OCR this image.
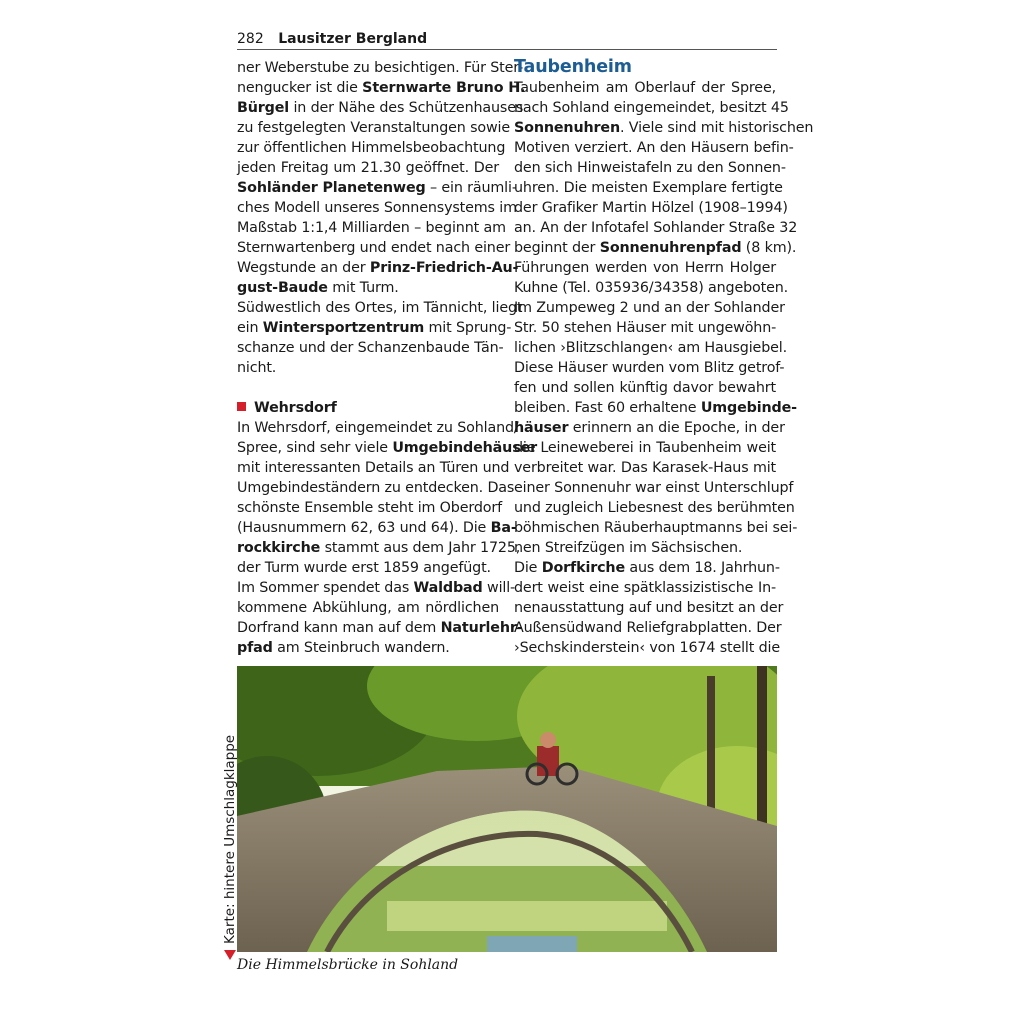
282 Lausitzer Bergland
ner Weberstube zu besichtigen. Für Ster-
nengucker ist die Sternwarte Bruno H.
Bürgel in der Nähe des Schützenhauses
zu festgelegten Veranstaltungen sowie
zur öffentlichen Himmelsbeobachtung
jeden Freitag um 21.30 geöffnet. Der
Sohländer Planetenweg – ein räumli-
ches Modell unseres Sonnensystems im
Maßstab 1:1,4 Milliarden – beginnt am
Sternwartenberg und endet nach einer
Wegstunde an der Prinz-Friedrich-Au-
gust-Baude mit Turm.
Südwestlich des Ortes, im Tännicht, liegt
ein Wintersportzentrum mit Sprung-
schanze und der Schanzenbaude Tän-
nicht.
Wehrsdorf
In Wehrsdorf, eingemeindet zu Sohland/
Spree, sind sehr viele Umgebindehäuser
mit interessanten Details an Türen und
Umgebindeständern zu entdecken. Das
schönste Ensemble steht im Oberdorf
(Hausnummern 62, 63 und 64). Die Ba-
rockkirche stammt aus dem Jahr 1725,
der Turm wurde erst 1859 angefügt.
Im Sommer spendet das Waldbad will-
kommene Abkühlung, am nördlichen
Dorfrand kann man auf dem Naturlehr-
pfad am Steinbruch wandern.
Taubenheim
Taubenheim am Oberlauf der Spree,
nach Sohland eingemeindet, besitzt 45
Sonnenuhren. Viele sind mit historischen
Motiven verziert. An den Häusern befin-
den sich Hinweistafeln zu den Sonnen-
uhren. Die meisten Exemplare fertigte
der Grafiker Martin Hölzel (1908–1994)
an. An der Infotafel Sohlander Straße 32
beginnt der Sonnenuhrenpfad (8 km).
Führungen werden von Herrn Holger
Kuhne (Tel. 035936/34358) angeboten.
Im Zumpeweg 2 und an der Sohlander
Str. 50 stehen Häuser mit ungewöhn-
lichen ›Blitzschlangen‹ am Hausgiebel.
Diese Häuser wurden vom Blitz getrof-
fen und sollen künftig davor bewahrt
bleiben. Fast 60 erhaltene Umgebinde-
häuser erinnern an die Epoche, in der
die Leineweberei in Taubenheim weit
verbreitet war. Das Karasek-Haus mit
einer Sonnenuhr war einst Unterschlupf
und zugleich Liebesnest des berühmten
böhmischen Räuberhauptmanns bei sei-
nen Streifzügen im Sächsischen.
Die Dorfkirche aus dem 18. Jahrhun-
dert weist eine spätklassizistische In-
nenausstattung auf und besitzt an der
Außensüdwand Reliefgrabplatten. Der
›Sechskinderstein‹ von 1674 stellt die
Die Himmelsbrücke in Sohland
Karte: hintere Umschlagklappe
